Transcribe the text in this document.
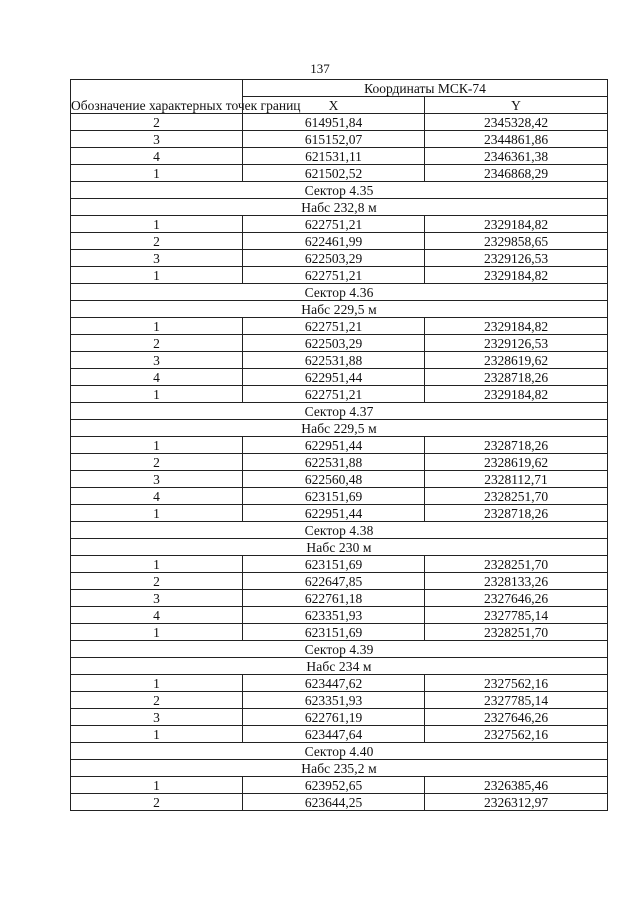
137
Обозначение характерных точек границ	Координаты МСК-74	
	X	Y
2	614951,84	2345328,42
3	615152,07	2344861,86
4	621531,11	2346361,38
1	621502,52	2346868,29
Сектор 4.35		
Набс 232,8 м		
1	622751,21	2329184,82
2	622461,99	2329858,65
3	622503,29	2329126,53
1	622751,21	2329184,82
Сектор 4.36		
Набс 229,5 м		
1	622751,21	2329184,82
2	622503,29	2329126,53
3	622531,88	2328619,62
4	622951,44	2328718,26
1	622751,21	2329184,82
Сектор 4.37		
Набс 229,5 м		
1	622951,44	2328718,26
2	622531,88	2328619,62
3	622560,48	2328112,71
4	623151,69	2328251,70
1	622951,44	2328718,26
Сектор 4.38		
Набс 230 м		
1	623151,69	2328251,70
2	622647,85	2328133,26
3	622761,18	2327646,26
4	623351,93	2327785,14
1	623151,69	2328251,70
Сектор 4.39		
Набс 234 м		
1	623447,62	2327562,16
2	623351,93	2327785,14
3	622761,19	2327646,26
1	623447,64	2327562,16
Сектор 4.40		
Набс 235,2 м		
1	623952,65	2326385,46
2	623644,25	2326312,97
